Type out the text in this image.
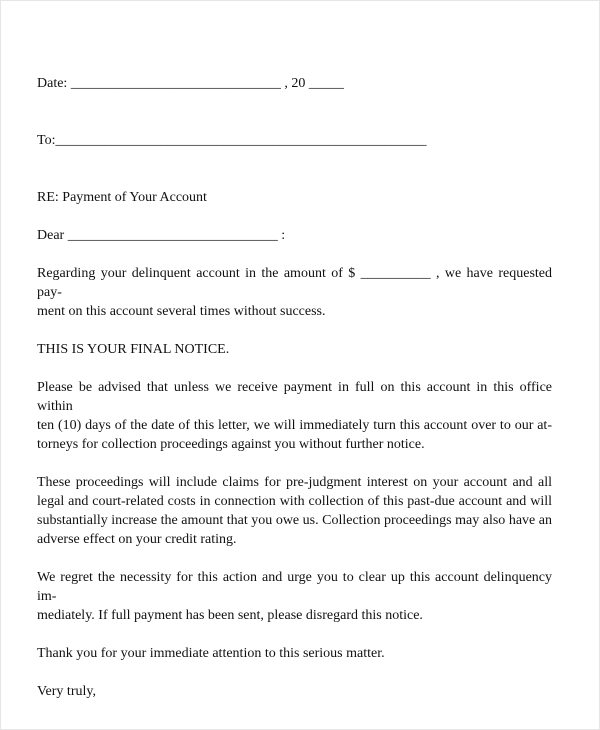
Date: ______________________________ , 20 _____

To:_____________________________________________________

RE: Payment of Your Account

Dear ______________________________ :

Regarding your delinquent account in the amount of $ __________ , we have requested pay-
ment on this account several times without success.

THIS IS YOUR FINAL NOTICE.

Please be advised that unless we receive payment in full on this account in this office within
ten (10) days of the date of this letter, we will immediately turn this account over to our at-
torneys for collection proceedings against you without further notice.
These proceedings will include claims for pre-judgment interest on your account and all
legal and court-related costs in connection with collection of this past-due account and will
substantially increase the amount that you owe us. Collection proceedings may also have an
adverse effect on your credit rating.
We regret the necessity for this action and urge you to clear up this account delinquency im-
mediately. If full payment has been sent, please disregard this notice.

Thank you for your immediate attention to this serious matter.

Very truly,
